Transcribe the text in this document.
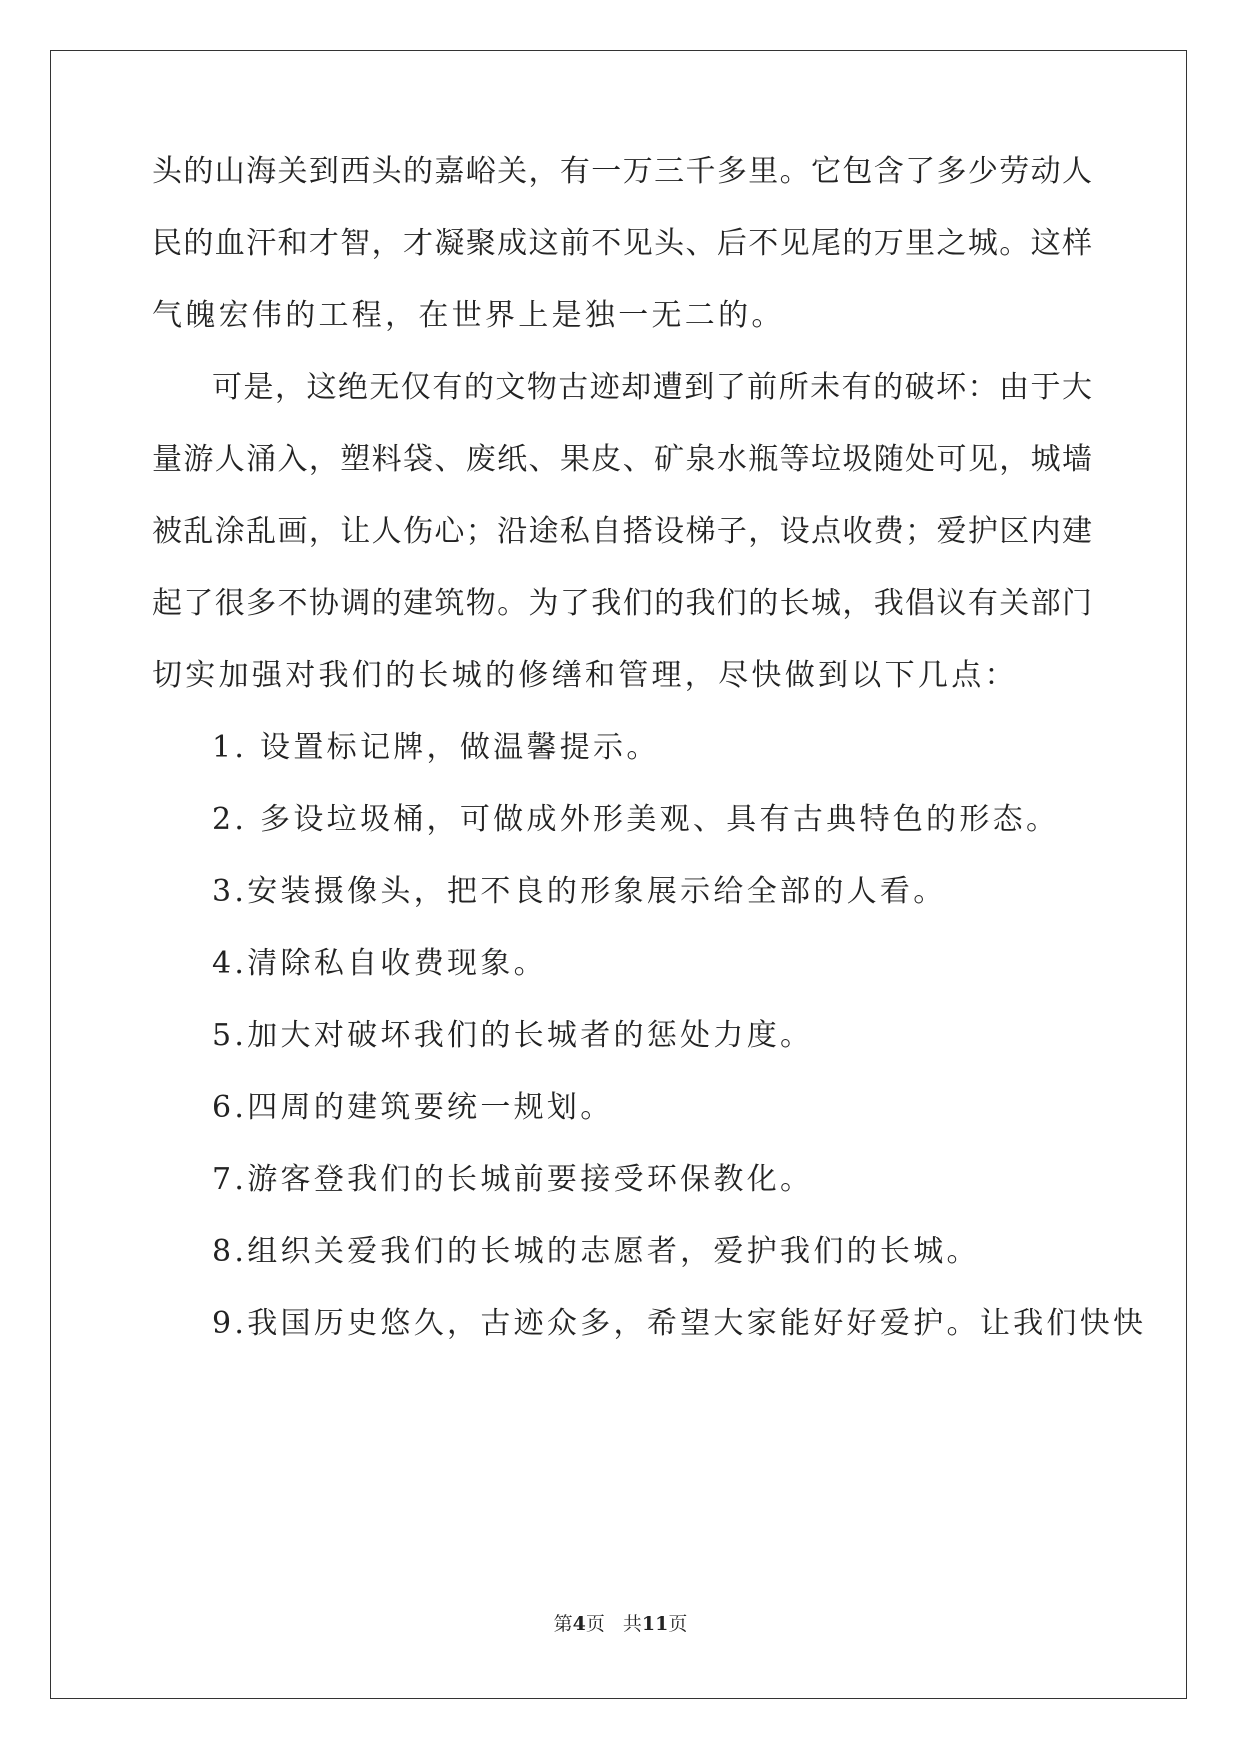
头的山海关到西头的嘉峪关，有一万三千多里。它包含了多少劳动人

民的血汗和才智，才凝聚成这前不见头、后不见尾的万里之城。这样

气魄宏伟的工程，在世界上是独一无二的。

可是，这绝无仅有的文物古迹却遭到了前所未有的破坏：由于大

量游人涌入，塑料袋、废纸、果皮、矿泉水瓶等垃圾随处可见，城墙

被乱涂乱画，让人伤心；沿途私自搭设梯子，设点收费；爱护区内建

起了很多不协调的建筑物。为了我们的我们的长城，我倡议有关部门

切实加强对我们的长城的修缮和管理，尽快做到以下几点：

1. 设置标记牌，做温馨提示。

2. 多设垃圾桶，可做成外形美观、具有古典特色的形态。

3.安装摄像头，把不良的形象展示给全部的人看。

4.清除私自收费现象。

5.加大对破坏我们的长城者的惩处力度。

6.四周的建筑要统一规划。

7.游客登我们的长城前要接受环保教化。

8.组织关爱我们的长城的志愿者，爱护我们的长城。

9.我国历史悠久，古迹众多，希望大家能好好爱护。让我们快快

第4页 共11页
